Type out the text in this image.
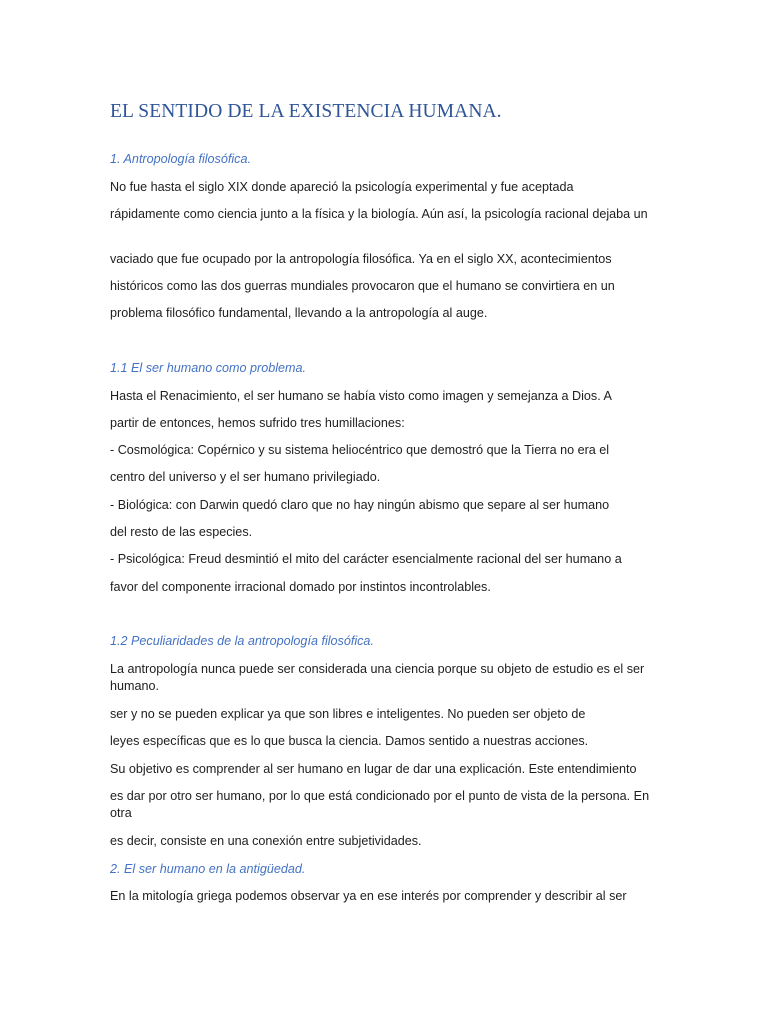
EL SENTIDO DE LA EXISTENCIA HUMANA.
1. Antropología filosófica.
No fue hasta el siglo XIX donde apareció la psicología experimental y fue aceptada
rápidamente como ciencia junto a la física y la biología. Aún así, la psicología racional dejaba un
vaciado que fue ocupado por la antropología filosófica. Ya en el siglo XX, acontecimientos
históricos como las dos guerras mundiales provocaron que el humano se convirtiera en un
problema filosófico fundamental, llevando a la antropología al auge.
1.1 El ser humano como problema.
Hasta el Renacimiento, el ser humano se había visto como imagen y semejanza a Dios. A
partir de entonces, hemos sufrido tres humillaciones:
- Cosmológica: Copérnico y su sistema heliocéntrico que demostró que la Tierra no era el
centro del universo y el ser humano privilegiado.
- Biológica: con Darwin quedó claro que no hay ningún abismo que separe al ser humano
del resto de las especies.
- Psicológica: Freud desmintió el mito del carácter esencialmente racional del ser humano a
favor del componente irracional domado por instintos incontrolables.
1.2 Peculiaridades de la antropología filosófica.
La antropología nunca puede ser considerada una ciencia porque su objeto de estudio es el ser humano.
ser y no se pueden explicar ya que son libres e inteligentes. No pueden ser objeto de
leyes específicas que es lo que busca la ciencia. Damos sentido a nuestras acciones.
Su objetivo es comprender al ser humano en lugar de dar una explicación. Este entendimiento
es dar por otro ser humano, por lo que está condicionado por el punto de vista de la persona. En otra
es decir, consiste en una conexión entre subjetividades.
2. El ser humano en la antigüedad.
En la mitología griega podemos observar ya en ese interés por comprender y describir al ser
